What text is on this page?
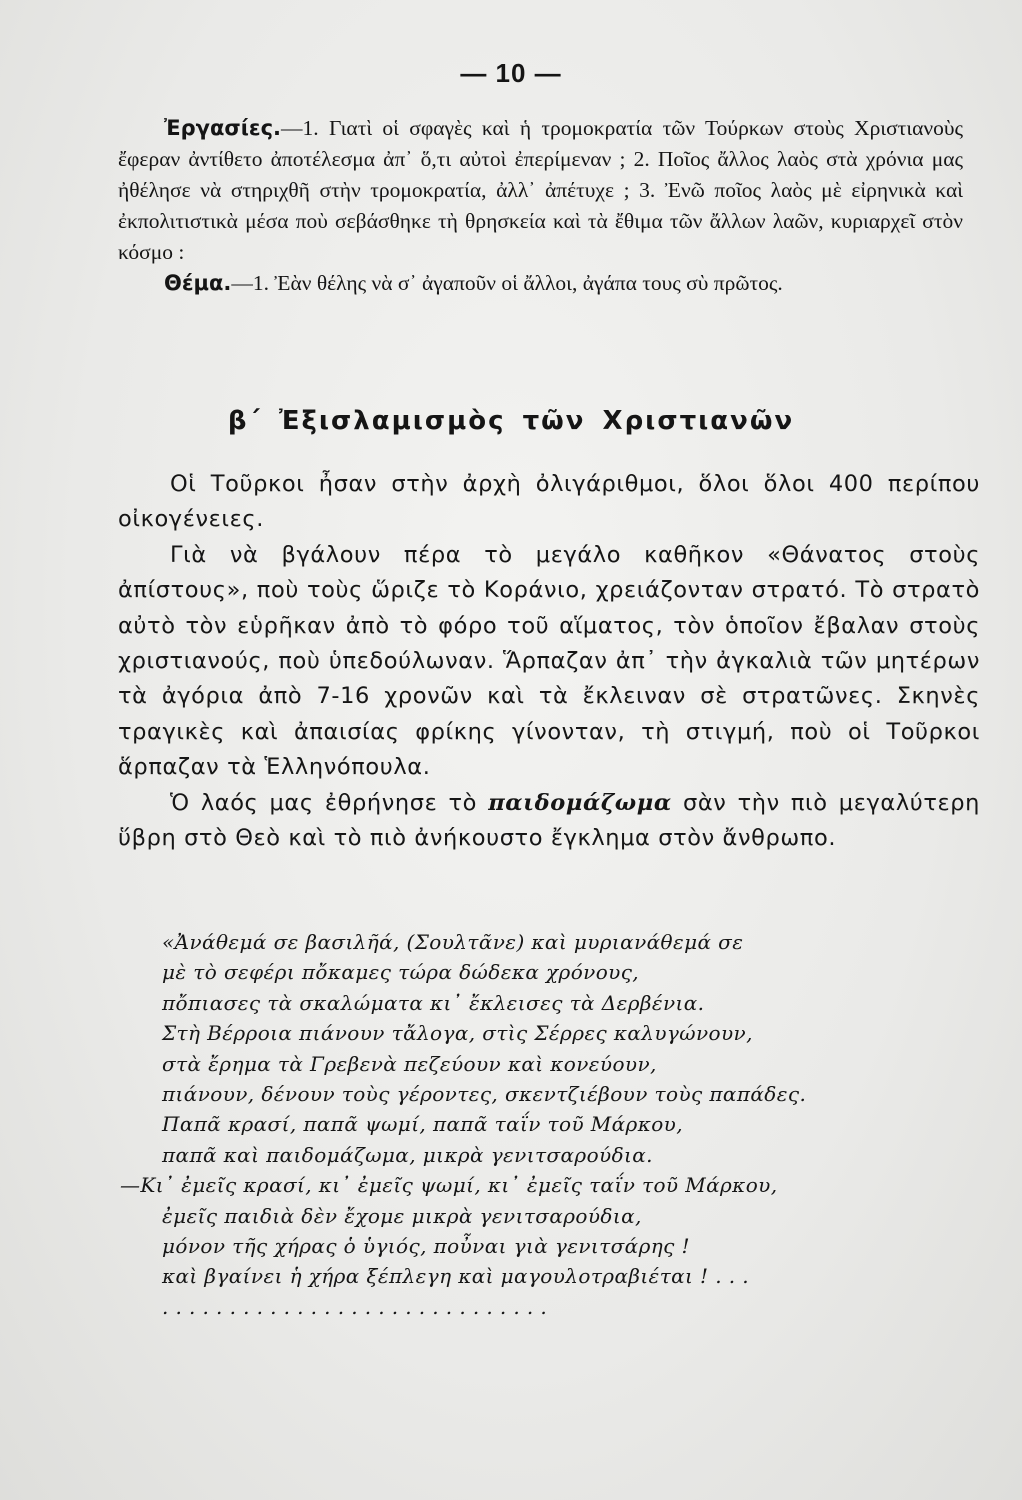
— 10 —

Ἐργασίες.—1. Γιατὶ οἱ σφαγὲς καὶ ἡ τρομοκρατία τῶν Τούρκων στοὺς Χριστιανοὺς ἔφεραν ἀντίθετο ἀποτέλεσμα ἀπ᾽ ὅ,τι αὐτοὶ ἐπερίμεναν ; 2. Ποῖος ἄλλος λαὸς στὰ χρόνια μας ἠθέλησε νὰ στηριχθῆ στὴν τρομοκρατία, ἀλλ᾽ ἀπέτυχε ; 3. Ἐνῶ ποῖος λαὸς μὲ εἰρηνικὰ καὶ ἐκπολιτιστικὰ μέσα ποὺ σεβάσθηκε τὴ θρησκεία καὶ τὰ ἔθιμα τῶν ἄλλων λαῶν, κυριαρχεῖ στὸν κόσμο :

Θέμα.—1. Ἐὰν θέλης νὰ σ᾽ ἀγαποῦν οἱ ἄλλοι, ἀγάπα τους σὺ πρῶτος.

β΄ Ἐξισλαμισμὸς τῶν Χριστιανῶν

Οἱ Τοῦρκοι ἦσαν στὴν ἀρχὴ ὀλιγάριθμοι, ὅλοι ὅλοι 400 περίπου οἰκογένειες.

Γιὰ νὰ βγάλουν πέρα τὸ μεγάλο καθῆκον «Θάνατος στοὺς ἀπίστους», ποὺ τοὺς ὥριζε τὸ Κοράνιο, χρειάζονταν στρατό. Τὸ στρατὸ αὐτὸ τὸν εὑρῆκαν ἀπὸ τὸ φόρο τοῦ αἵματος, τὸν ὁποῖον ἔβαλαν στοὺς χριστιανούς, ποὺ ὑπεδούλωναν. Ἅρπαζαν ἀπ᾽ τὴν ἀγκαλιὰ τῶν μητέρων τὰ ἀγόρια ἀπὸ 7-16 χρονῶν καὶ τὰ ἔκλειναν σὲ στρατῶνες. Σκηνὲς τραγικὲς καὶ ἀπαισίας φρίκης γίνονταν, τὴ στιγμή, ποὺ οἱ Τοῦρκοι ἅρπαζαν τὰ Ἑλληνόπουλα.

Ὁ λαός μας ἐθρήνησε τὸ παιδομάζωμα σὰν τὴν πιὸ μεγαλύτερη ὕβρη στὸ Θεὸ καὶ τὸ πιὸ ἀνήκουστο ἔγκλημα στὸν ἄνθρωπο.

«Ἀνάθεμά σε βασιλῆά, (Σουλτᾶνε) καὶ μυριανάθεμά σε
μὲ τὸ σεφέρι πὄκαμες τώρα δώδεκα χρόνους,
πὄπιασες τὰ σκαλώματα κι᾽ ἔκλεισες τὰ Δερβένια.
Στὴ Βέρροια πιάνουν τἄλογα, στὶς Σέρρες καλυγώνουν,
στὰ ἔρημα τὰ Γρεβενὰ πεζεύουν καὶ κονεύουν,
πιάνουν, δένουν τοὺς γέροντες, σκεντζιέβουν τοὺς παπάδες.
Παπᾶ κρασί, παπᾶ ψωμί, παπᾶ ταΐν τοῦ Μάρκου,
παπᾶ καὶ παιδομάζωμα, μικρὰ γενιτσαρούδια.
—Κι᾽ ἐμεῖς κρασί, κι᾽ ἐμεῖς ψωμί, κι᾽ ἐμεῖς ταΐν τοῦ Μάρκου,
ἐμεῖς παιδιὰ δὲν ἔχομε μικρὰ γενιτσαρούδια,
μόνον τῆς χήρας ὁ ὑγιός, ποὖναι γιὰ γενιτσάρης !
καὶ βγαίνει ἡ χήρα ξέπλεγη καὶ μαγουλοτραβιέται ! . . .
. . . . . . . . . . . . . . . . . . . . . . . . . . . . .
